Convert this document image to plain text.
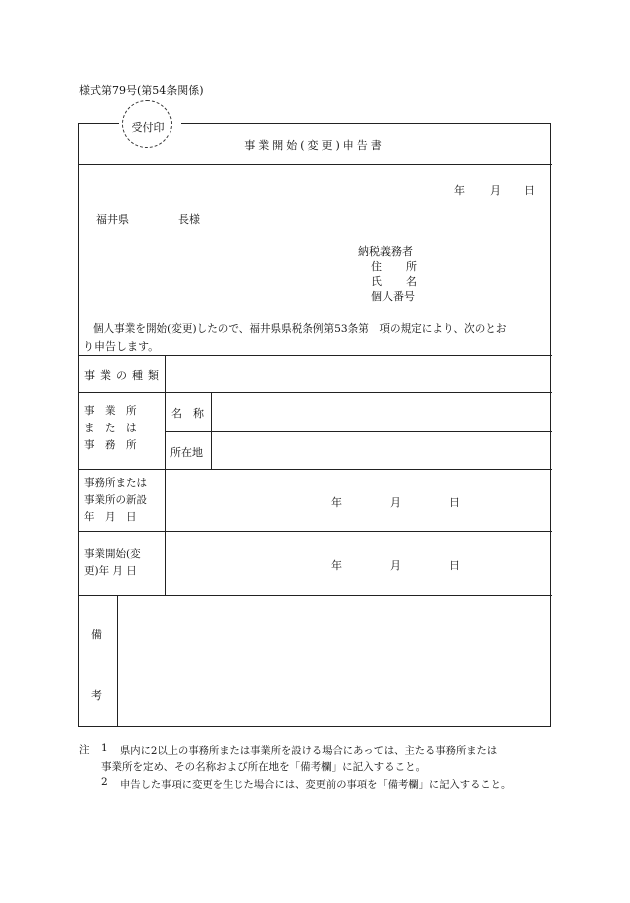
様式第79号(第54条関係)
受付印
事業開始(変更)申告書
年 月 日
福井県	長様
納税義務者
住 所
氏 名
個人番号
個人事業を開始(変更)したので、福井県県税条例第53条第　項の規定により、次のとお
り申告します。
事業の種類
事　業　所
ま　た　は
事　務　所
名　称
所在地
事務所または
事業所の新設
年　月　日
年	月	日
事業開始(変
更)年 月 日	年	月	日
備
考
注 1 県内に2以上の事務所または事業所を設ける場合にあっては、主たる事務所または
事業所を定め、その名称および所在地を「備考欄」に記入すること。
2 申告した事項に変更を生じた場合には、変更前の事項を「備考欄」に記入すること。
